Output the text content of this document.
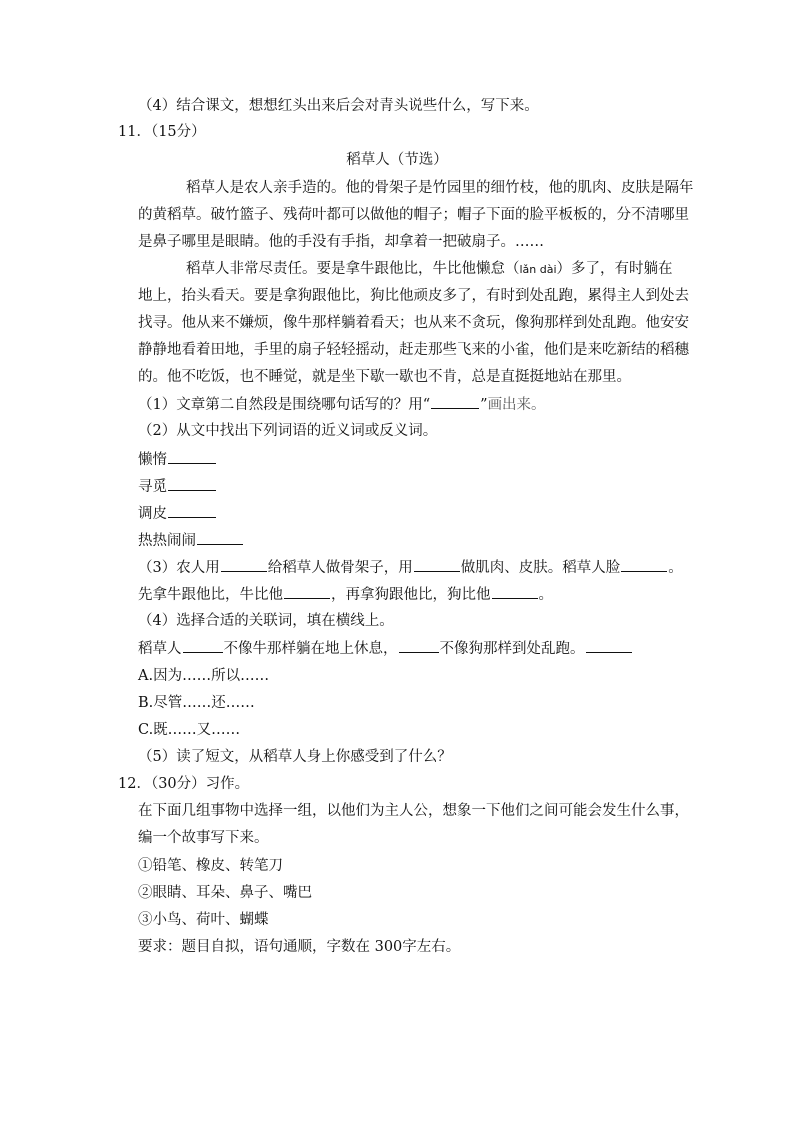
（4）结合课文，想想红头出来后会对青头说些什么，写下来。
11．（15分）
稻草人（节选）
稻草人是农人亲手造的。他的骨架子是竹园里的细竹枝，他的肌肉、皮肤是隔年
的黄稻草。破竹篮子、残荷叶都可以做他的帽子；帽子下面的脸平板板的，分不清哪里
是鼻子哪里是眼睛。他的手没有手指，却拿着一把破扇子。……
稻草人非常尽责任。要是拿牛跟他比，牛比他懒怠（lǎn dài）多了，有时躺在
地上，抬头看天。要是拿狗跟他比，狗比他顽皮多了，有时到处乱跑，累得主人到处去
找寻。他从来不嫌烦，像牛那样躺着看天；也从来不贪玩，像狗那样到处乱跑。他安安
静静地看着田地，手里的扇子轻轻摇动，赶走那些飞来的小雀，他们是来吃新结的稻穗
的。他不吃饭，也不睡觉，就是坐下歇一歇也不肯，总是直挺挺地站在那里。
（1）文章第二自然段是围绕哪句话写的？用“	”画出来。
（2）从文中找出下列词语的近义词或反义词。
懒惰
寻觅
调皮
热热闹闹
（3）农人用	给稻草人做骨架子，用	做肌肉、皮肤。稻草人脸	。
先拿牛跟他比，牛比他	，再拿狗跟他比，狗比他	。
（4）选择合适的关联词，填在横线上。
稻草人	不像牛那样躺在地上休息，	不像狗那样到处乱跑。
A.因为……所以……
B.尽管……还……
C.既……又……
（5）读了短文，从稻草人身上你感受到了什么？
12．（30分）习作。
在下面几组事物中选择一组，以他们为主人公，想象一下他们之间可能会发生什么事，
编一个故事写下来。
①铅笔、橡皮、转笔刀
②眼睛、耳朵、鼻子、嘴巴
③小鸟、荷叶、蝴蝶
要求：题目自拟，语句通顺，字数在 300字左右。
